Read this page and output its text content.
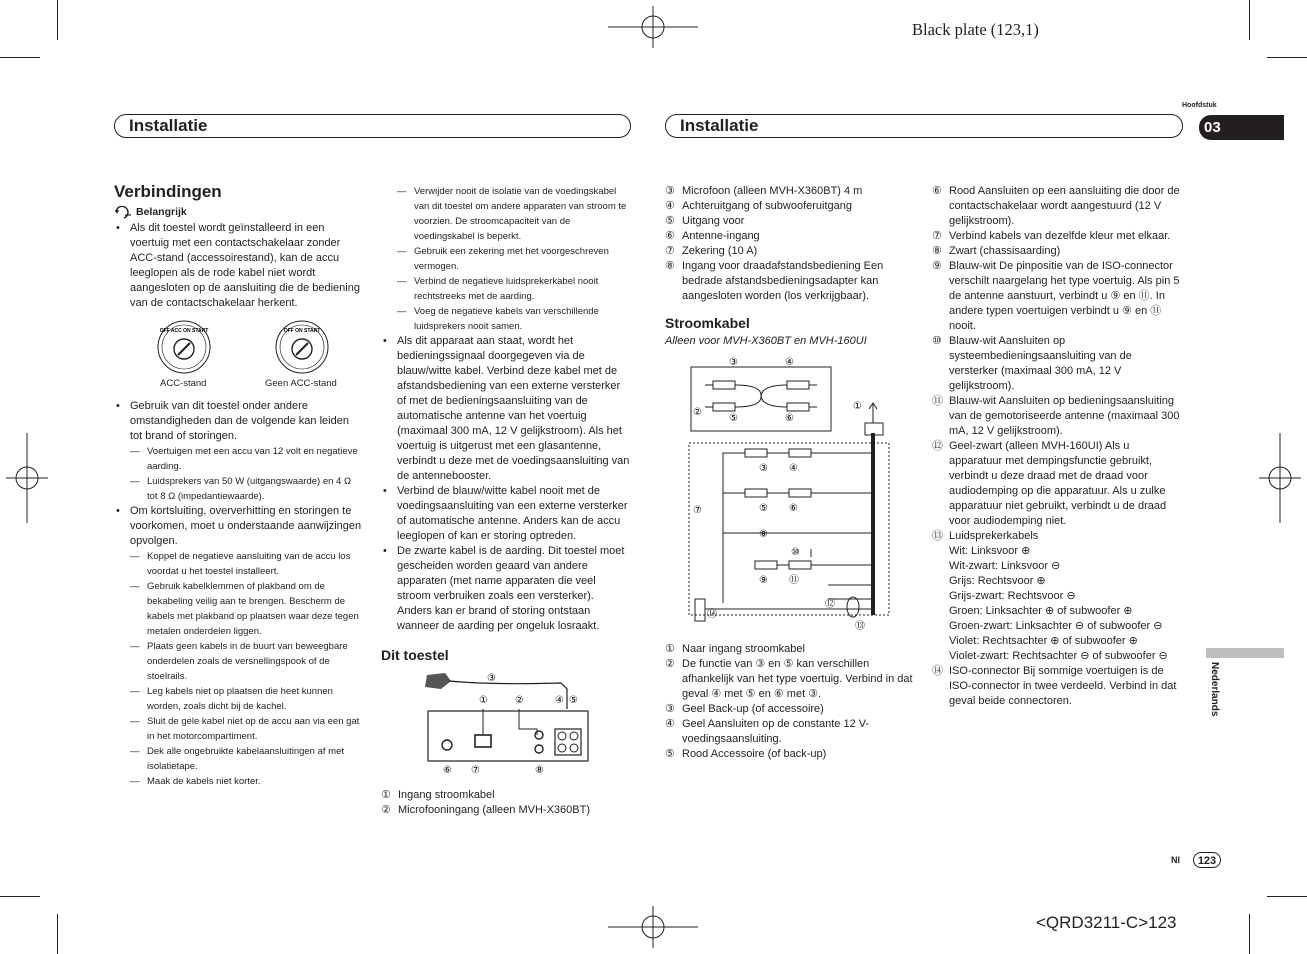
Black plate (123,1)
<QRD3211-C>123
Installatie	Installatie
Hoofdstuk
03
Nederlands
Nl	123
Verbindingen
Belangrijk

• Als dit toestel wordt geïnstalleerd in een voertuig met een contactschakelaar zonder ACC-stand (accessoirestand), kan de accu leeglopen als de rode kabel niet wordt aangesloten op de aansluiting die de bediening van de contactschakelaar herkent.

OFF ACC ON START	OFF ON START
ACC-stand	Geen ACC-stand

• Gebruik van dit toestel onder andere omstandigheden dan de volgende kan leiden tot brand of storingen.

— Voertuigen met een accu van 12 volt en negatieve aarding.

— Luidsprekers van 50 W (uitgangswaarde) en 4 Ω tot 8 Ω (impedantiewaarde).

• Om kortsluiting, oververhitting en storingen te voorkomen, moet u onderstaande aanwijzingen opvolgen.

— Koppel de negatieve aansluiting van de accu los voordat u het toestel installeert.

— Gebruik kabelklemmen of plakband om de bekabeling veilig aan te brengen. Bescherm de kabels met plakband op plaatsen waar deze tegen metalen onderdelen liggen.

— Plaats geen kabels in de buurt van beweegbare onderdelen zoals de versnellingspook of de stoelrails.

— Leg kabels niet op plaatsen die heet kunnen worden, zoals dicht bij de kachel.

— Sluit de gele kabel niet op de accu aan via een gat in het motorcompartiment.

— Dek alle ongebruikte kabelaansluitingen af met isolatietape.

— Maak de kabels niet korter.

— Verwijder nooit de isolatie van de voedingskabel van dit toestel om andere apparaten van stroom te voorzien. De stroomcapaciteit van de voedingskabel is beperkt.

— Gebruik een zekering met het voorgeschreven vermogen.

— Verbind de negatieve luidsprekerkabel nooit rechtstreeks met de aarding.

— Voeg de negatieve kabels van verschillende luidsprekers nooit samen.

• Als dit apparaat aan staat, wordt het bedieningssignaal doorgegeven via de blauw/witte kabel. Verbind deze kabel met de afstandsbediening van een externe versterker of met de bedieningsaansluiting van de automatische antenne van het voertuig (maximaal 300 mA, 12 V gelijkstroom). Als het voertuig is uitgerust met een glasantenne, verbindt u deze met de voedingsaansluiting van de antennebooster.

• Verbind de blauw/witte kabel nooit met de voedingsaansluiting van een externe versterker of automatische antenne. Anders kan de accu leeglopen of kan er storing optreden.

• De zwarte kabel is de aarding. Dit toestel moet gescheiden worden geaard van andere apparaten (met name apparaten die veel stroom verbruiken zoals een versterker). Anders kan er brand of storing ontstaan wanneer de aarding per ongeluk losraakt.

Dit toestel
③
①	②	④ ⑤
⑥ ⑦	⑧

① Ingang stroomkabel

② Microfooningang (alleen MVH-X360BT)

③ Microfoon (alleen MVH-X360BT) 4 m

④ Achteruitgang of subwooferuitgang

⑤ Uitgang voor

⑥ Antenne-ingang

⑦ Zekering (10 A)

⑧ Ingang voor draadafstandsbediening Een bedrade afstandsbedieningsadapter kan aangesloten worden (los verkrijgbaar).

Stroomkabel

Alleen voor MVH-X360BT en MVH-160UI

③	④
②
⑤	⑥
①
③ ④
⑦	⑤ ⑥
⑧
⑩
⑨ ⑪
⑫
⑭
⑬

① Naar ingang stroomkabel

② De functie van ③ en ⑤ kan verschillen afhankelijk van het type voertuig. Verbind in dat geval ④ met ⑤ en ⑥ met ③.

③ Geel Back-up (of accessoire)

④ Geel Aansluiten op de constante 12 V-voedingsaansluiting.

⑤ Rood Accessoire (of back-up)

⑥ Rood Aansluiten op een aansluiting die door de contactschakelaar wordt aangestuurd (12 V gelijkstroom).

⑦ Verbind kabels van dezelfde kleur met elkaar.

⑧ Zwart (chassisaarding)

⑨ Blauw-wit De pinpositie van de ISO-connector verschilt naargelang het type voertuig. Als pin 5 de antenne aanstuurt, verbindt u ⑨ en ⑪. In andere typen voertuigen verbindt u ⑨ en ⑪ nooit.

⑩ Blauw-wit Aansluiten op systeembedieningsaansluiting van de versterker (maximaal 300 mA, 12 V gelijkstroom).

⑪ Blauw-wit Aansluiten op bedieningsaansluiting van de gemotoriseerde antenne (maximaal 300 mA, 12 V gelijkstroom).

⑫ Geel-zwart (alleen MVH-160UI) Als u apparatuur met dempingsfunctie gebruikt, verbindt u deze draad met de draad voor audiodemping op die apparatuur. Als u zulke apparatuur niet gebruikt, verbindt u de draad voor audiodemping niet.

⑬ Luidsprekerkabels

Wit: Linksvoor ⊕

Wit-zwart: Linksvoor ⊖

Grijs: Rechtsvoor ⊕

Grijs-zwart: Rechtsvoor ⊖

Groen: Linksachter ⊕ of subwoofer ⊕

Groen-zwart: Linksachter ⊖ of subwoofer ⊖

Violet: Rechtsachter ⊕ of subwoofer ⊕

Violet-zwart: Rechtsachter ⊖ of subwoofer ⊖

⑭ ISO-connector Bij sommige voertuigen is de ISO-connector in twee verdeeld. Verbind in dat geval beide connectoren.
